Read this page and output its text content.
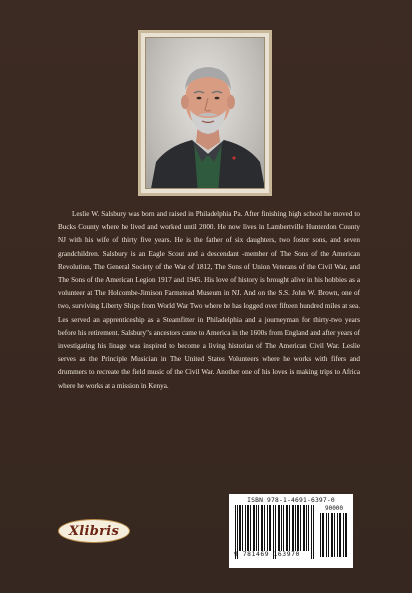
Leslie W. Salsbury was born and raised in Philadelphia Pa. After finishing high school he moved to Bucks County where he lived and worked until 2000. He now lives in Lambertville Hunterdon County NJ with his wife of thirty five years. He is the father of six daughters, two foster sons, and seven grandchildren. Salsbury is an Eagle Scout and a descendant -member of The Sons of the American Revolution, The General Society of the War of 1812, The Sons of Union Veterans of the Civil War, and The Sons of the American Legion 1917 and 1945. His love of history is brought alive in his hobbies as a volunteer at The Holcombe-Jimison Farmstead Museum in NJ. And on the S.S. John W. Brown, one of two, surviving Liberty Ships from World War Two where he has logged over fifteen hundred miles at sea. Les served an apprenticeship as a Steamfitter in Philadelphia and a journeyman for thirty-two years before his retirement. Salsbury"s ancestors came to America in the 1600s from England and after years of investigating his linage was inspired to become a living historian of The American Civil War. Leslie serves as the Principle Musician in The United States Volunteers where he works with fifers and drummers to recreate the field music of the Civil War. Another one of his loves is making trips to Africa where he works at a mission in Kenya.

Xlibris
ISBN 978-1-4691-6397-0
90000
9 781469 163970
